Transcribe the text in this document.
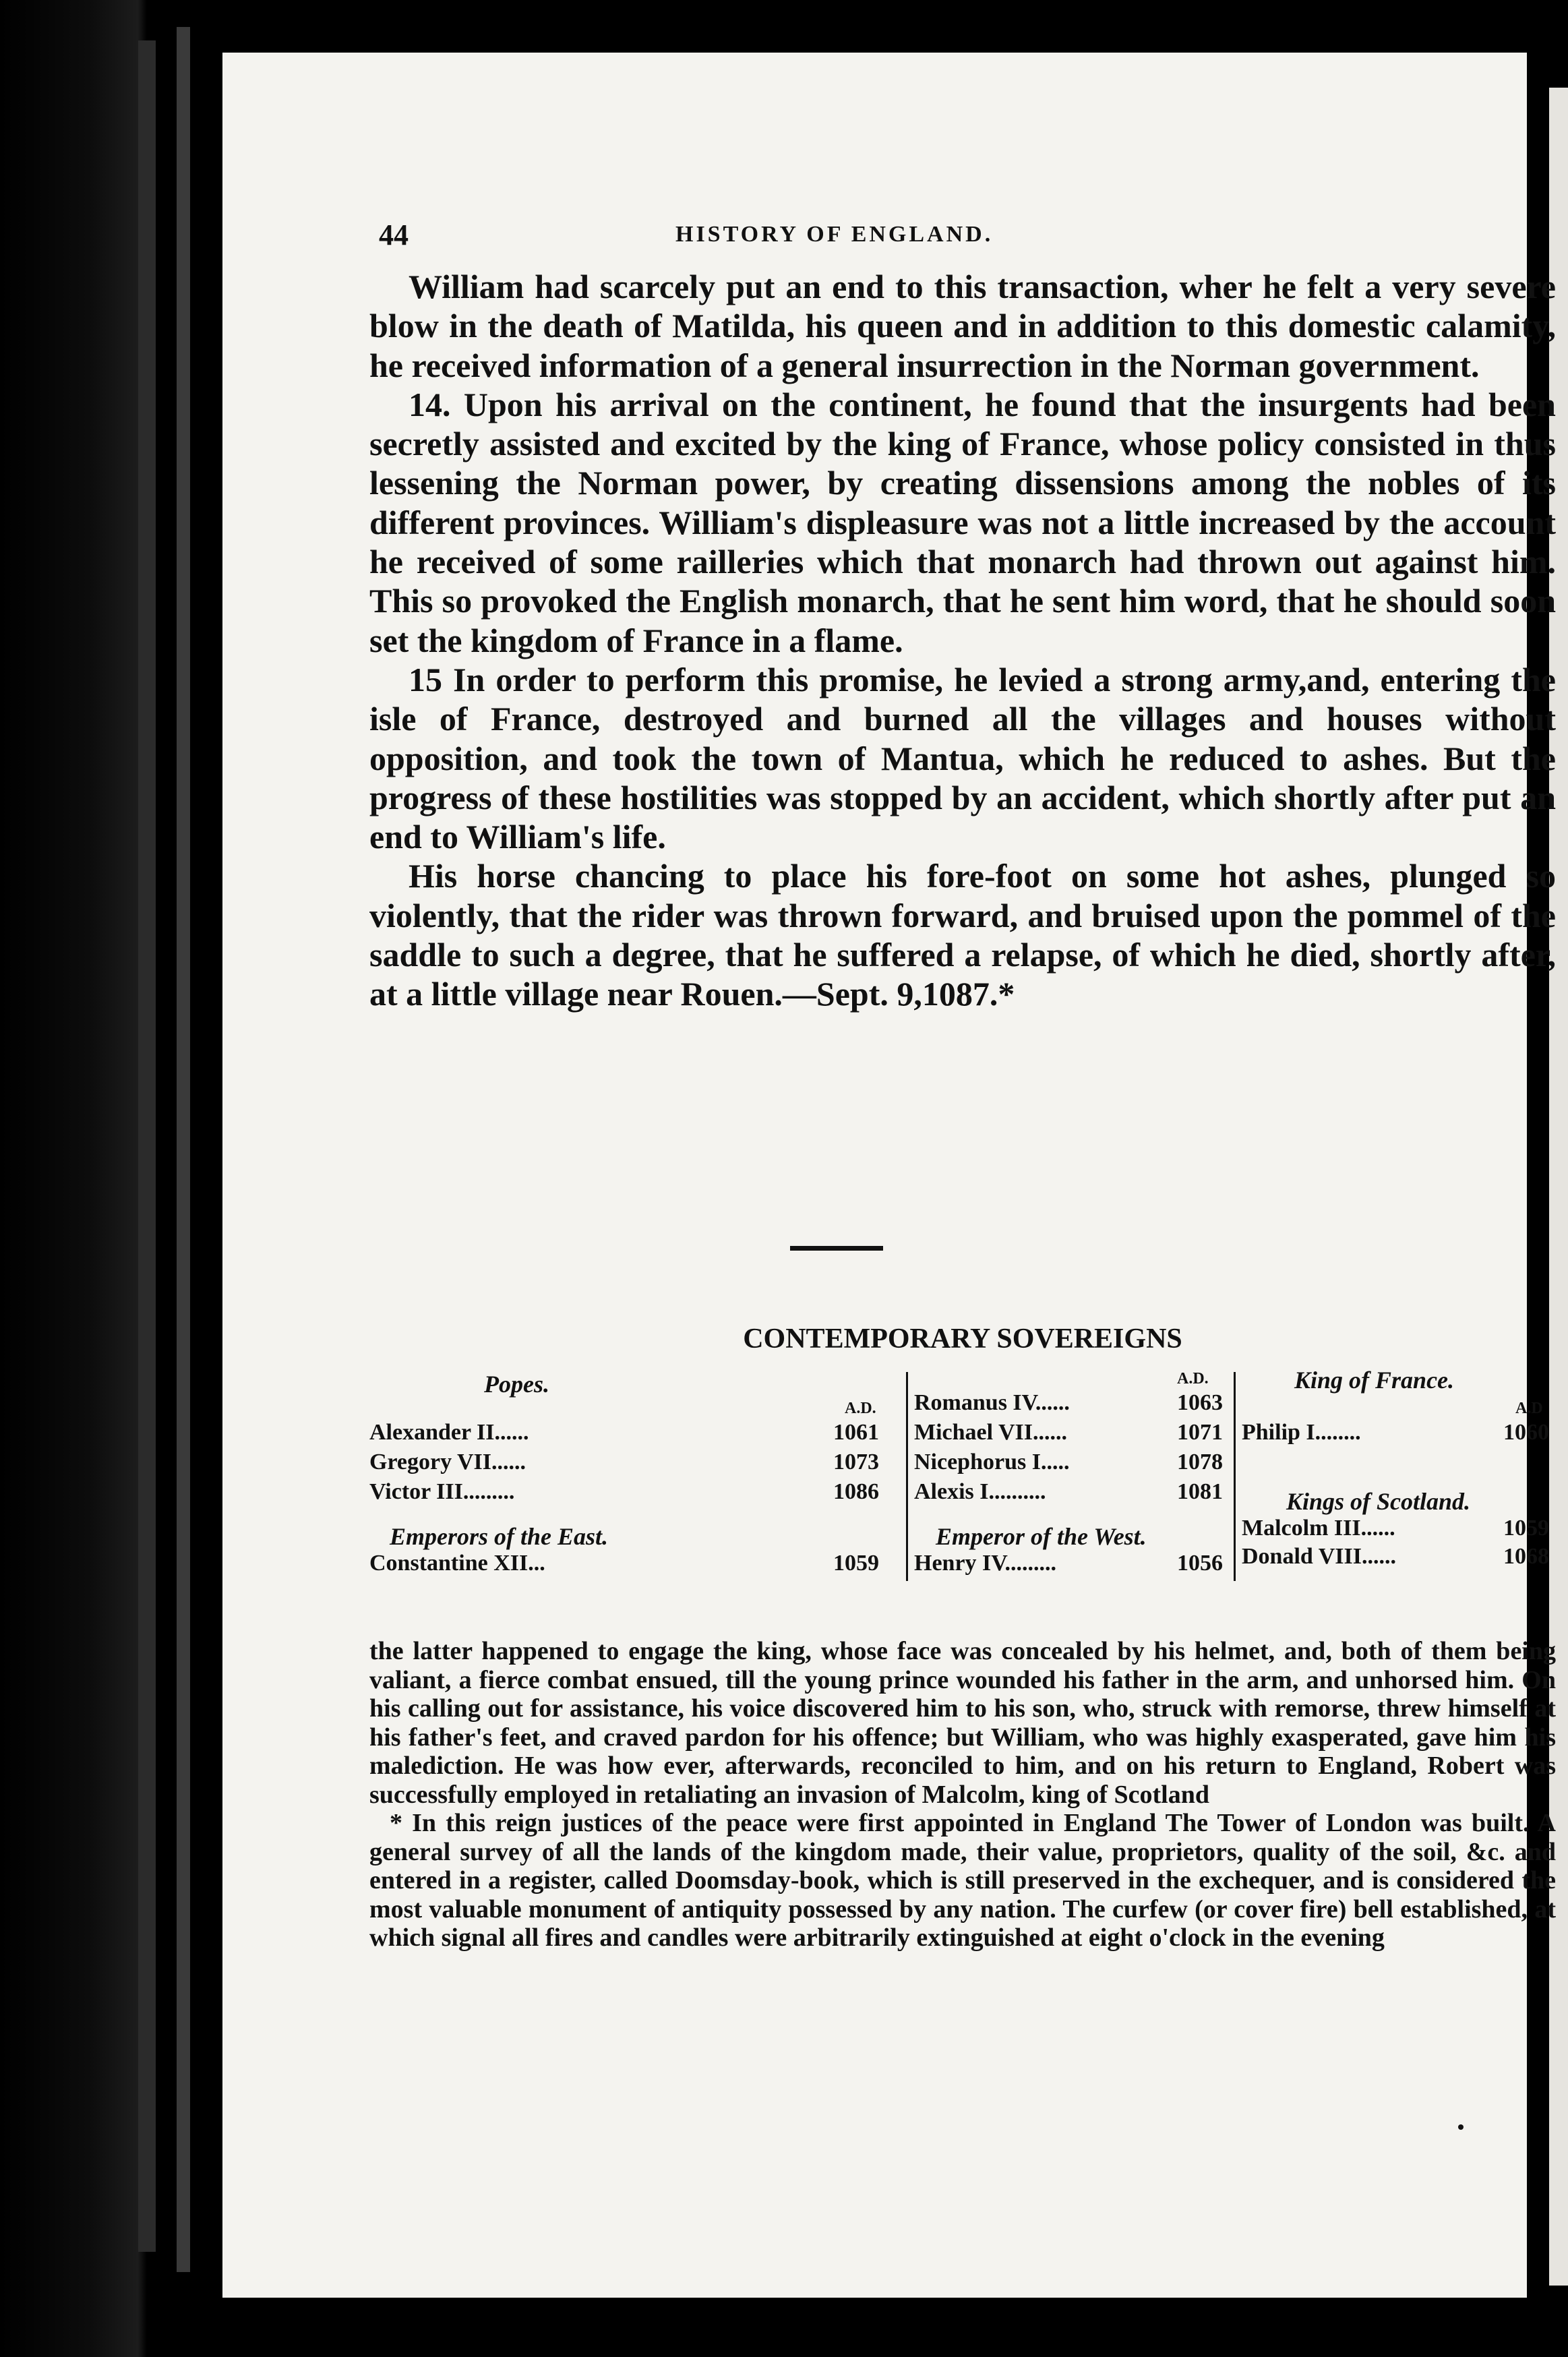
44	HISTORY OF ENGLAND.

William had scarcely put an end to this transaction, wher he felt a very severe blow in the death of Matilda, his queen and in addition to this domestic calamity, he received information of a general insurrection in the Norman government.

14. Upon his arrival on the continent, he found that the insurgents had been secretly assisted and excited by the king of France, whose policy consisted in thus lessening the Norman power, by creating dissensions among the nobles of its different provinces. William's displeasure was not a little increased by the account he received of some railleries which that monarch had thrown out against him. This so provoked the English monarch, that he sent him word, that he should soon set the kingdom of France in a flame.

15 In order to perform this promise, he levied a strong army,and, entering the isle of France, destroyed and burned all the villages and houses without opposition, and took the town of Mantua, which he reduced to ashes. But the progress of these hostilities was stopped by an accident, which shortly after put an end to William's life.

His horse chancing to place his fore-foot on some hot ashes, plunged so violently, that the rider was thrown forward, and bruised upon the pommel of the saddle to such a degree, that he suffered a relapse, of which he died, shortly after, at a little village near Rouen.—Sept. 9,1087.*

CONTEMPORARY SOVEREIGNS
Popes.
A.D.
Alexander II......	1061
Gregory VII......	1073
Victor III.........	1086
Emperors of the East.
Constantine XII...	1059
A.D.
Romanus IV......	1063
Michael VII......	1071
Nicephorus I.....	1078
Alexis I..........	1081
Emperor of the West.
Henry IV.........	1056
King of France.
A.D
Philip I........	1060
Kings of Scotland.
Malcolm III......	1059
Donald VIII......	1068

the latter happened to engage the king, whose face was concealed by his helmet, and, both of them being valiant, a fierce combat ensued, till the young prince wounded his father in the arm, and unhorsed him. On his calling out for assistance, his voice discovered him to his son, who, struck with remorse, threw himself at his father's feet, and craved pardon for his offence; but William, who was highly exasperated, gave him his malediction. He was how ever, afterwards, reconciled to him, and on his return to England, Robert was successfully employed in retaliating an invasion of Malcolm, king of Scotland

* In this reign justices of the peace were first appointed in England The Tower of London was built. A general survey of all the lands of the kingdom made, their value, proprietors, quality of the soil, &c. and entered in a register, called Doomsday-book, which is still preserved in the exchequer, and is considered the most valuable monument of antiquity possessed by any nation. The curfew (or cover fire) bell established, at which signal all fires and candles were arbitrarily extinguished at eight o'clock in the evening
